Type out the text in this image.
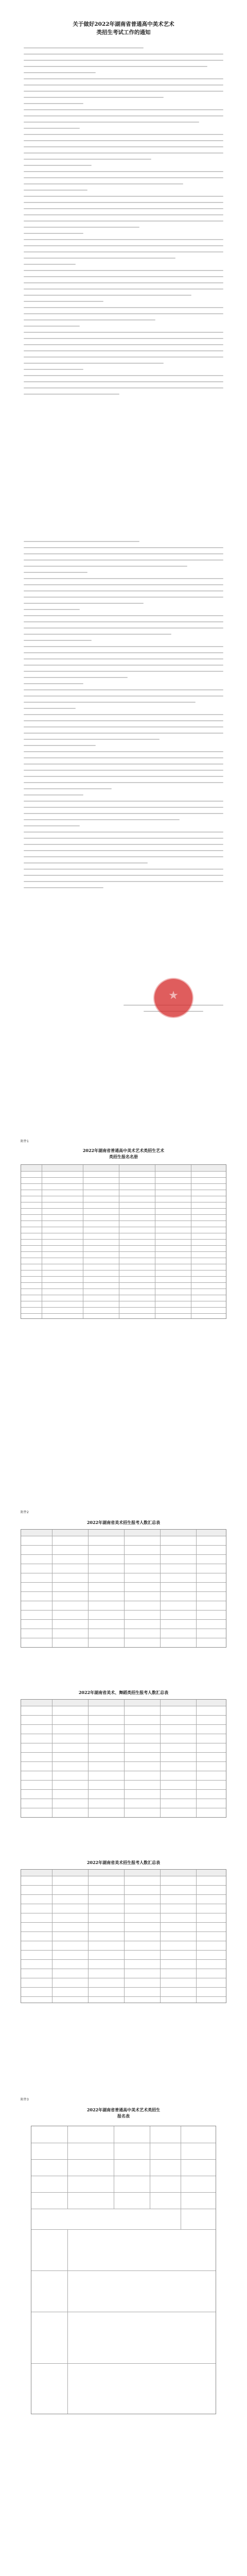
关于做好2022年湖南省普通高中美术艺术
类招生考试工作的通知
★
附件1
2022年湖南省普通高中美术艺术类招生艺术
类招生报名名册
附件2
2022年湖南省美术招生报考人数汇总表
2022年湖南省美术、舞蹈类招生报考人数汇总表
2022年湖南省美术招生报考人数汇总表
附件3
2022年湖南省普通高中美术艺术类招生
报名表
